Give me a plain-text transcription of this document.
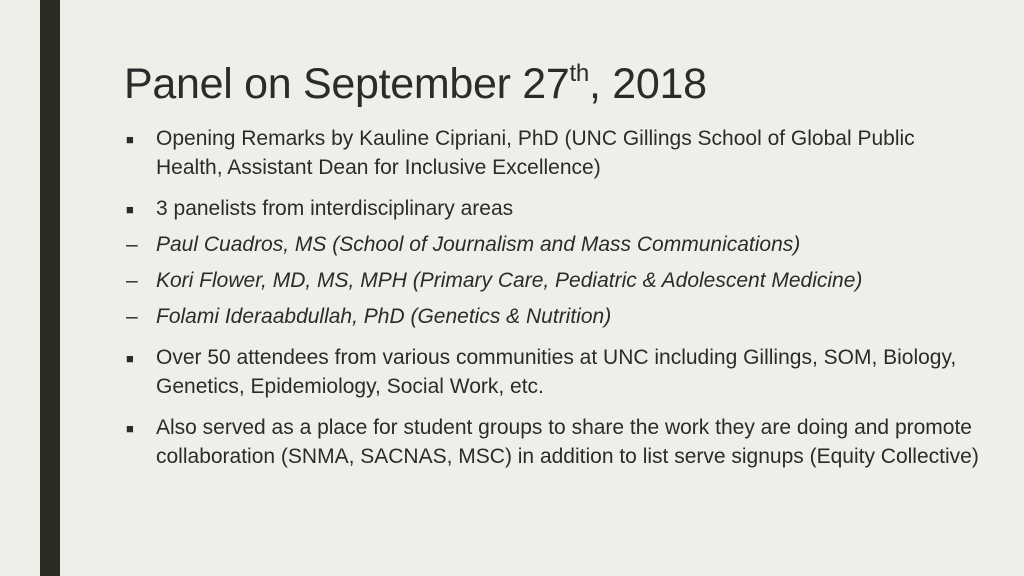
Panel on September 27th, 2018
■ Opening Remarks by Kauline Cipriani, PhD (UNC Gillings School of Global Public Health, Assistant Dean for Inclusive Excellence)
■ 3 panelists from interdisciplinary areas
– Paul Cuadros, MS (School of Journalism and Mass Communications)
– Kori Flower, MD, MS, MPH (Primary Care, Pediatric & Adolescent Medicine)
– Folami Ideraabdullah, PhD (Genetics & Nutrition)
■ Over 50 attendees from various communities at UNC including Gillings, SOM, Biology, Genetics, Epidemiology, Social Work, etc.
■ Also served as a place for student groups to share the work they are doing and promote collaboration (SNMA, SACNAS, MSC) in addition to list serve signups (Equity Collective)
